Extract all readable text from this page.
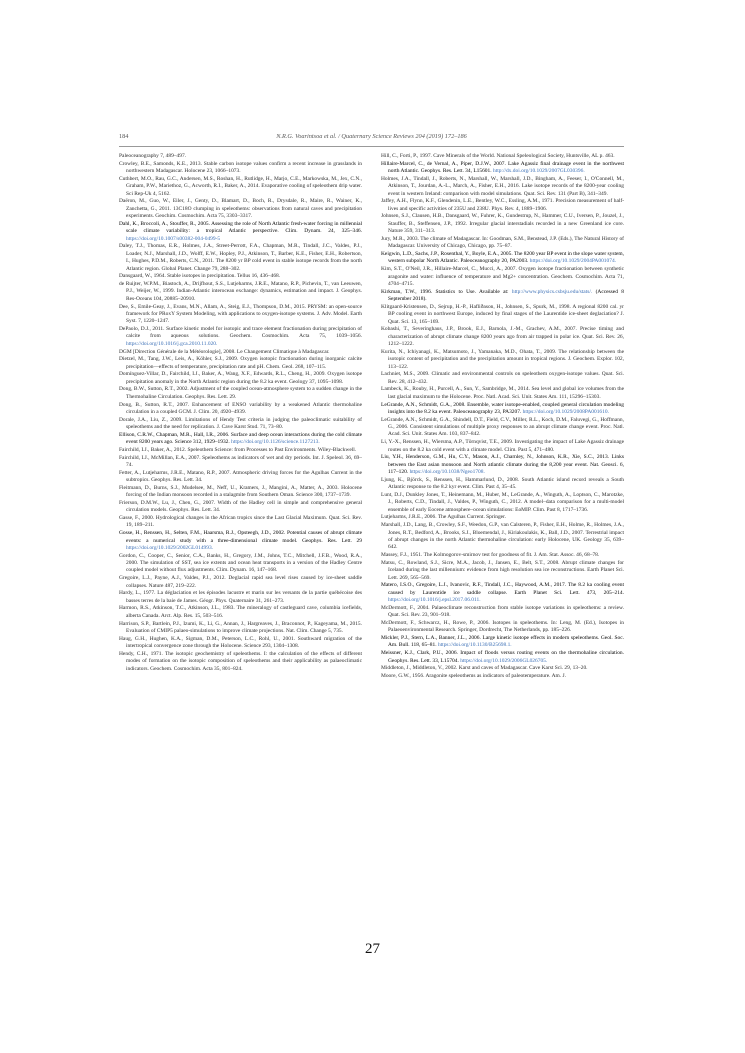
184	N.R.G. Voarintsoa et al. / Quaternary Science Reviews 204 (2019) 172–186

Paleoceanography 7, 489–497.

Crowley, B.E., Samonds, K.E., 2013. Stable carbon isotope values confirm a recent increase in grasslands in northwestern Madagascar. Holocene 23, 1066–1073.

Cuthbert, M.O., Rau, G.C., Andersen, M.S., Roshan, H., Rutlidge, H., Marjo, C.E., Markowska, M., Jex, C.N., Graham, P.W., Mariethoz, G., Acworth, R.I., Baker, A., 2014. Evaporative cooling of speleothem drip water. Sci Rep-Uk 4, 5162.

Daëron, M., Guo, W., Eiler, J., Genty, D., Blamart, D., Boch, R., Drysdale, R., Maire, R., Wainer, K., Zanchetta, G., 2011. 13C18O clumping in speleothems: observations from natural caves and precipitation experiments. Geochim. Cosmochim. Acta 75, 3303–3317.

Dahl, K., Broccoli, A., Stouffer, R., 2005. Assessing the role of North Atlantic fresh-water forcing in millennial scale climate variability: a tropical Atlantic perspective. Clim. Dynam. 24, 325–346. https://doi.org/10.1007/s00382-004-0499-5

Daley, T.J., Thomas, E.R., Holmes, J.A., Street-Perrott, F.A., Chapman, M.R., Tindall, J.C., Valdes, P.J., Loader, N.J., Marshall, J.D., Wolff, E.W., Hopley, P.J., Atkinson, T., Barber, K.E., Fisher, E.H., Robertson, I., Hughes, P.D.M., Roberts, C.N., 2011. The 8200 yr BP cold event in stable isotope records from the north Atlantic region. Global Planet. Change 79, 288–302.

Dansgaard, W., 1964. Stable isotopes in precipitation. Tellus 16, 436–468.

de Ruijter, W.P.M., Biastoch, A., Drijfhout, S.S., Lutjeharms, J.R.E., Matano, R.P., Pichevin, T., van Leeuwen, P.J., Weijer, W., 1999. Indian-Atlantic interocean exchange: dynamics, estimation and impact. J. Geophys. Res-Oceans 104, 20885–20910.

Dee, S., Emile-Geay, J., Evans, M.N., Allam, A., Steig, E.J., Thompson, D.M., 2015. PRYSM: an open-source framework for PRoxY System Modeling, with applications to oxygen-isotope systems. J. Adv. Model. Earth Syst. 7, 1220–1247.

DePaolo, D.J., 2011. Surface kinetic model for isotopic and trace element fractionation during precipitation of calcite from aqueous solutions. Geochem. Cosmochim. Acta 75, 1039–1056. https://doi.org/10.1016/j.gca.2010.11.020.

DGM [Direction Générale de la Météorologie], 2008. Le Changement Climatique à Madagascar.

Dietzel, M., Tang, J.W., Leis, A., Köhler, S.J., 2009. Oxygen isotopic fractionation during inorganic calcite precipitation—effects of temperature, precipitation rate and pH. Chem. Geol. 268, 107–115.

Domínguez-Villar, D., Fairchild, I.J., Baker, A., Wang, X.F., Edwards, R.L., Cheng, H., 2009. Oxygen isotope precipitation anomaly in the North Atlantic region during the 8.2 ka event. Geology 37, 1095–1098.

Dong, B.W., Sutton, R.T., 2002. Adjustment of the coupled ocean-atmosphere system to a sudden change in the Thermohaline Circulation. Geophys. Res. Lett. 29.

Dong, B., Sutton, R.T., 2007. Enhancement of ENSO variability by a weakened Atlantic thermohaline circulation in a coupled GCM. J. Clim. 20, 4920–4939.

Dorale, J.A., Liu, Z., 2009. Limitations of Hendy Test criteria in judging the paleoclimatic suitability of speleothems and the need for replication. J. Cave Karst Stud. 71, 73–80.

Ellison, C.R.W., Chapman, M.R., Hall, I.R., 2006. Surface and deep ocean interactions during the cold climate event 8200 years ago. Science 312, 1929–1932. https://doi.org/10.1126/science.1127213.

Fairchild, I.J., Baker, A., 2012. Speleothem Science: from Processes to Past Environments. Wiley-Blackwell.

Fairchild, I.J., McMillan, E.A., 2007. Speleothems as indicators of wet and dry periods. Int. J. Speleol. 36, 69–74.

Fetter, A., Lutjeharms, J.R.E., Matano, R.P., 2007. Atmospheric driving forces for the Agulhas Current in the subtropics. Geophys. Res. Lett. 34.

Fleitmann, D., Burns, S.J., Mudelsee, M., Neff, U., Kramers, J., Mangini, A., Matter, A., 2003. Holocene forcing of the Indian monsoon recorded in a stalagmite from Southern Oman. Science 300, 1737–1739.

Frierson, D.M.W., Lu, J., Chen, G., 2007. Width of the Hadley cell in simple and comprehensive general circulation models. Geophys. Res. Lett. 34.

Gasse, F., 2000. Hydrological changes in the African tropics since the Last Glacial Maximum. Quat. Sci. Rev. 19, 189–211.

Gosse, H., Renssen, H., Selten, F.M., Haarsma, R.J., Opsteegh, J.D., 2002. Potential causes of abrupt climate events: a numerical study with a three-dimensional climate model. Geophys. Res. Lett. 29 https://doi.org/10.1029/2002GL014993.

Gordon, C., Cooper, C., Senior, C.A., Banks, H., Gregory, J.M., Johns, T.C., Mitchell, J.F.B., Wood, R.A., 2000. The simulation of SST, sea ice extents and ocean heat transports in a version of the Hadley Centre coupled model without flux adjustments. Clim. Dynam. 16, 147–168.

Gregoire, L.J., Payne, A.J., Valdes, P.J., 2012. Deglacial rapid sea level rises caused by ice-sheet saddle collapses. Nature 487, 219–222.

Hardy, L., 1977. La déglaciation et les épisodes lacustre et marin sur les versants de la partie québécoise des basses terres de la baie de James. Géogr. Phys. Quaternaire 31, 261–273.

Harmon, R.S., Atkinson, T.C., Atkinson, J.L., 1983. The mineralogy of castleguard cave, columbia icefields, alberta Canada. Arct. Alp. Res. 15, 503–516.

Harrison, S.P., Bartlein, P.J., Izumi, K., Li, G., Annan, J., Hargreaves, J., Braconnot, P., Kageyama, M., 2015. Evaluation of CMIP5 palaeo-simulations to improve climate projections. Nat. Clim. Change 5, 735.

Haug, G.H., Hughen, K.A., Sigman, D.M., Peterson, L.C., Rohl, U., 2001. Southward migration of the intertropical convergence zone through the Holocene. Science 293, 1304–1308.

Hendy, C.H., 1971. The isotopic geochemistry of speleothems. I: the calculation of the effects of different modes of formation on the isotopic composition of speleothems and their applicability as palaeoclimatic indicators. Geochem. Cosmochim. Acta 35, 801–824.

Hill, C., Forti, P., 1997. Cave Minerals of the World. National Speleological Society, Huntsville, AL p. 463.

Hillaire-Marcel, C., de Vernal, A., Piper, D.J.W., 2007. Lake Agassiz final drainage event in the northwest north Atlantic. Geophys. Res. Lett. 34, L15601. http://dx.doi.org/10.1029/2007GL030396.

Holmes, J.A., Tindall, J., Roberts, N., Marshall, W., Marshall, J.D., Bingham, A., Feeser, I., O'Connell, M., Atkinson, T., Jourdan, A.-L., March, A., Fisher, E.H., 2016. Lake isotope records of the 8200-year cooling event in western Ireland: comparison with model simulations. Quat. Sci. Rev. 131 (Part B), 341–349.

Jaffey, A.H., Flynn, K.F., Glendenin, L.E., Bentley, W.C., Essling, A.M., 1971. Precision measurement of half-lives and specific activities of 235U and 238U. Phys. Rev. 4, 1889–1906.

Johnsen, S.J., Clausen, H.B., Dansgaard, W., Fuhrer, K., Gundestrup, N., Hammer, C.U., Iversen, P., Jouzel, J., Stauffer, B., Steffensen, J.P., 1992. Irregular glacial interstadials recorded in a new Greenland ice core. Nature 359, 311–313.

Jury, M.R., 2003. The climate of Madagascar. In: Goodman, S.M., Benstead, J.P. (Eds.), The Natural History of Madagascar. University of Chicago, Chicago, pp. 75–87.

Keigwin, L.D., Sachs, J.P., Rosenthal, Y., Boyle, E.A., 2005. The 8200 year BP event in the slope water system, western subpolar North Atlantic. Paleoceanography 20, PA2003. https://doi.org/10.1029/2004PA001074.

Kim, S.T., O'Neil, J.R., Hillaire-Marcel, C., Mucci, A., 2007. Oxygen isotope fractionation between synthetic aragonite and water: influence of temperature and Mg2+ concentration. Geochem. Cosmochim. Acta 71, 4704–4715.

Kirkman, T.W., 1996. Statistics to Use. Available at: http://www.physics.csbsju.edu/stats/. (Accessed 8 September 2018).

Klitgaard-Kristensen, D., Sejrup, H.-P., Hafliðason, H., Johnsen, S., Spurk, M., 1998. A regional 8200 cal. yr BP cooling event in northwest Europe, induced by final stages of the Laurentide ice-sheet deglaciation? J. Quat. Sci. 13, 165–169.

Kobashi, T., Severinghaus, J.P., Brook, E.J., Barnola, J.-M., Grachev, A.M., 2007. Precise timing and characterization of abrupt climate change 8200 years ago from air trapped in polar ice. Quat. Sci. Rev. 26, 1212–1222.

Kurita, N., Ichiyanagi, K., Matsumoto, J., Yamanaka, M.D., Ohata, T., 2009. The relationship between the isotopic content of precipitation and the precipitation amount in tropical regions. J. Geochem. Explor. 102, 113–122.

Lachniet, M.S., 2009. Climatic and environmental controls on speleothem oxygen-isotope values. Quat. Sci. Rev. 28, 412–432.

Lambeck, K., Rouby, H., Purcell, A., Sun, Y., Sambridge, M., 2014. Sea level and global ice volumes from the last glacial maximum to the Holocene. Proc. Natl. Acad. Sci. Unit. States Am. 111, 15296–15303.

LeGrande, A.N., Schmidt, G.A., 2008. Ensemble, water isotope-enabled, coupled general circulation modeling insights into the 8.2 ka event. Paleoceanography 23, PA3207. https://doi.org/10.1029/2008PA001610.

LeGrande, A.N., Schmidt, G.A., Shindell, D.T., Field, C.V., Miller, R.L., Koch, D.M., Faluvegi, G., Hoffmann, G., 2006. Consistent simulations of multiple proxy responses to an abrupt climate change event. Proc. Natl. Acad. Sci. Unit. States Am. 103, 837–842.

Li, Y.-X., Renssen, H., Wiersma, A.P., Törnqvist, T.E., 2009. Investigating the impact of Lake Agassiz drainage routes on the 8.2 ka cold event with a climate model. Clim. Past 5, 471–480.

Liu, Y.H., Henderson, G.M., Hu, C.Y., Mason, A.J., Charnley, N., Johnson, K.R., Xie, S.C., 2013. Links between the East asian monsoon and North atlantic climate during the 8,200 year event. Nat. Geosci. 6, 117–120. https://doi.org/10.1038/Ngeo1708.

Ljung, K., Björck, S., Renssen, H., Hammarlund, D., 2008. South Atlantic island record reveals a South Atlantic response to the 8.2 kyr event. Clim. Past 4, 35–45.

Lunt, D.J., Dunkley Jones, T., Heinemann, M., Huber, M., LeGrande, A., Winguth, A., Loptson, C., Marotzke, J., Roberts, C.D., Tindall, J., Valdes, P., Winguth, C., 2012. A model–data comparison for a multi-model ensemble of early Eocene atmosphere–ocean simulations: EoMIP. Clim. Past 8, 1717–1736.

Lutjeharms, J.R.E., 2006. The Agulhas Current. Springer.

Marshall, J.D., Lang, B., Crowley, S.F., Weedon, G.P., van Calsteren, P., Fisher, E.H., Holme, R., Holmes, J.A., Jones, R.T., Bedford, A., Brooks, S.J., Bloemendal, J., Kiriakoulakis, K., Ball, J.D., 2007. Terrestrial impact of abrupt changes in the north Atlantic thermohaline circulation: early Holocene, UK. Geology 35, 639–642.

Massey, F.J., 1951. The Kolmogorov-smirnov test for goodness of fit. J. Am. Stat. Assoc. 46, 68–78.

Matsu, C., Rowland, S.J., Sicre, M.A., Jacob, J., Jansen, E., Belt, S.T., 2008. Abrupt climate changes for Iceland during the last millennium: evidence from high resolution sea ice reconstructions. Earth Planet Sci. Lett. 269, 565–569.

Matero, I.S.O., Gregoire, L.J., Ivanovic, R.F., Tindall, J.C., Haywood, A.M., 2017. The 8.2 ka cooling event caused by Laurentide ice saddle collapse. Earth Planet Sci. Lett. 473, 205–214. https://doi.org/10.1016/j.epsl.2017.06.011.

McDermott, F., 2004. Palaeoclimate reconstruction from stable isotope variations in speleothems: a review. Quat. Sci. Rev. 23, 901–918.

McDermott, F., Schwarcz, H., Rowe, P., 2006. Isotopes in speleothems. In: Leng, M. (Ed.), Isotopes in Palaeoenvironmental Research. Springer, Dordrecht, The Netherlands, pp. 185–226.

Mickler, P.J., Stern, L.A., Banner, J.L., 2006. Large kinetic isotope effects in modern speleothems. Geol. Soc. Am. Bull. 118, 65–81. https://doi.org/10.1130/B25698.1.

Meissner, K.J., Clark, P.U., 2006. Impact of floods versus routing events on the thermohaline circulation. Geophys. Res. Lett. 33, L15704. https://doi.org/10.1029/2006GL026705.

Middleton, J., Middleton, V., 2002. Karst and caves of Madagascar. Cave Karst Sci. 29, 13–20.

Moore, G.W., 1956. Aragonite speleothems as indicators of paleotemperature. Am. J.

27
